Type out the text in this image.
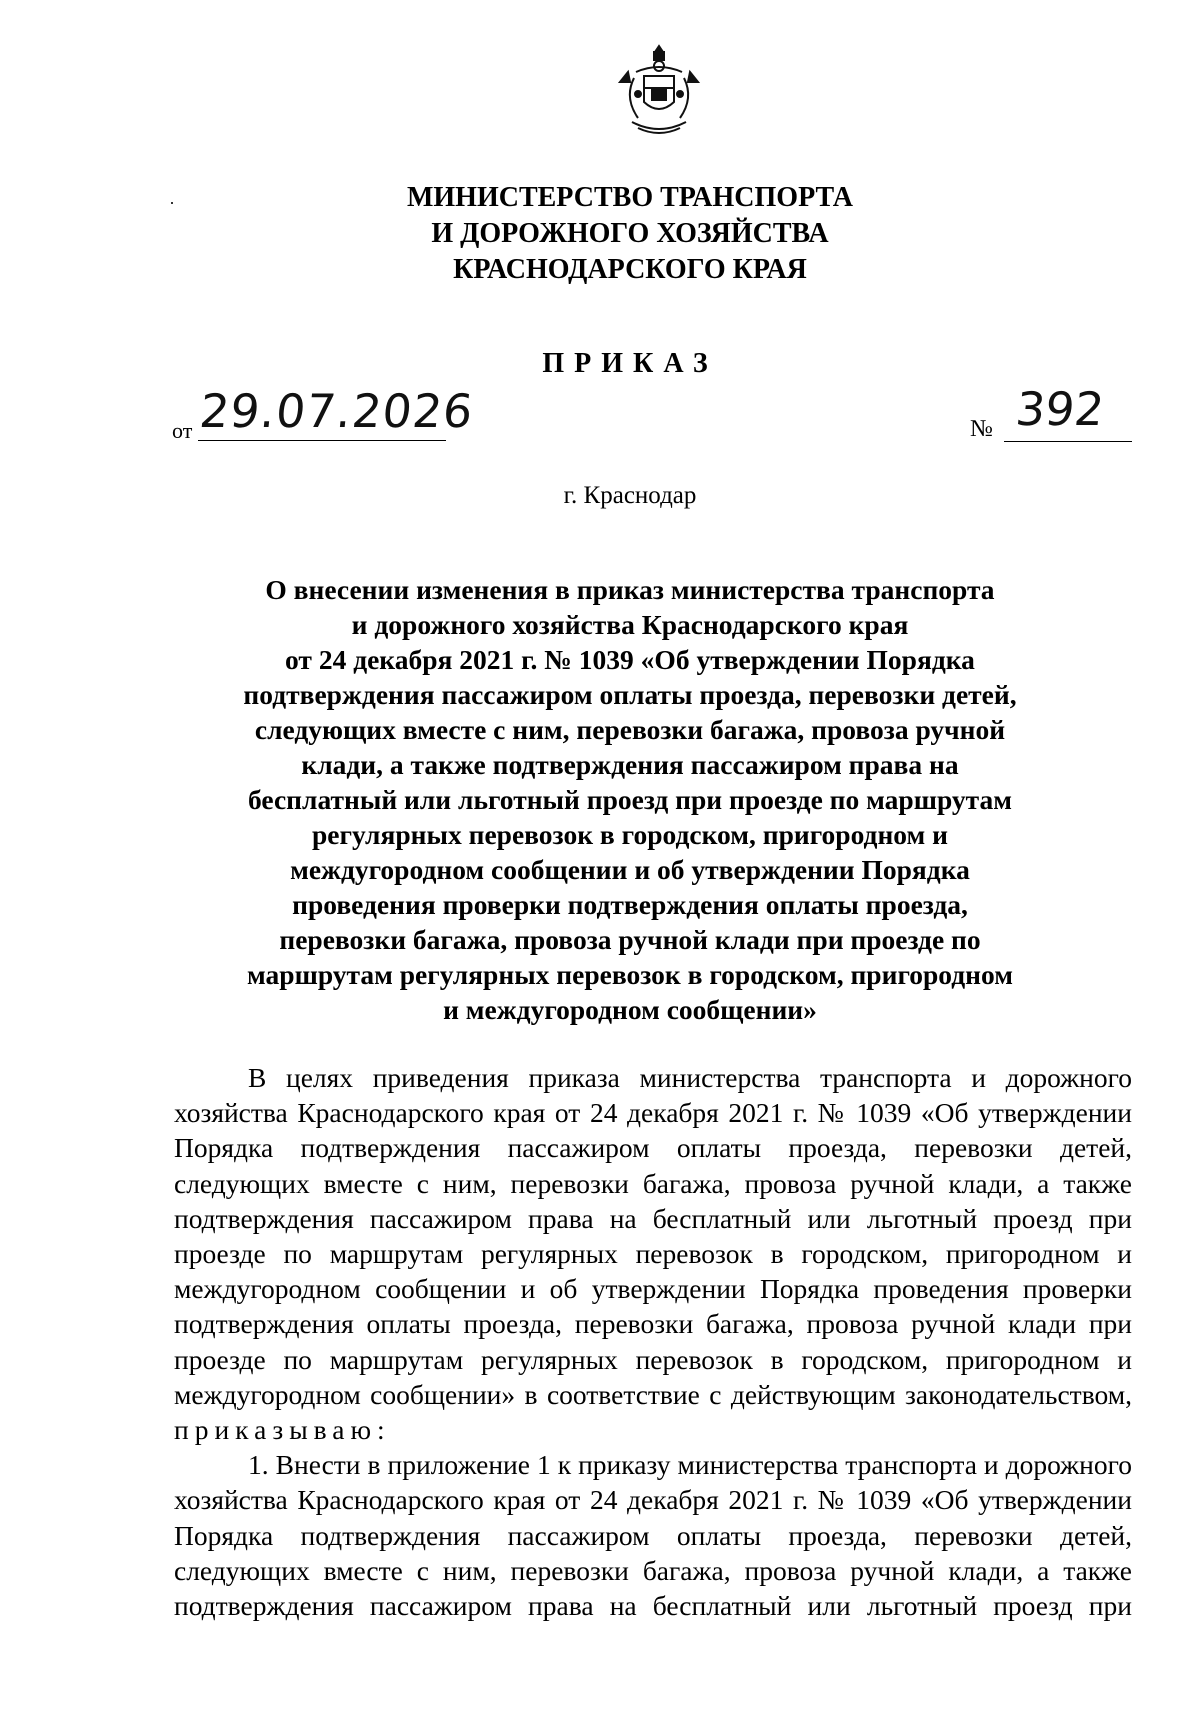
МИНИСТЕРСТВО ТРАНСПОРТА
И ДОРОЖНОГО ХОЗЯЙСТВА
КРАСНОДАРСКОГО КРАЯ
ПРИКАЗ
от 29.07.2026	№ 392
г. Краснодар
О внесении изменения в приказ министерства транспорта
и дорожного хозяйства Краснодарского края
от 24 декабря 2021 г. № 1039 «Об утверждении Порядка
подтверждения пассажиром оплаты проезда, перевозки детей,
следующих вместе с ним, перевозки багажа, провоза ручной
клади, а также подтверждения пассажиром права на
бесплатный или льготный проезд при проезде по маршрутам
регулярных перевозок в городском, пригородном и
междугородном сообщении и об утверждении Порядка
проведения проверки подтверждения оплаты проезда,
перевозки багажа, провоза ручной клади при проезде по
маршрутам регулярных перевозок в городском, пригородном
и междугородном сообщении»
В целях приведения приказа министерства транспорта и дорожного
хозяйства Краснодарского края от 24 декабря 2021 г. № 1039 «Об утверждении
Порядка подтверждения пассажиром оплаты проезда, перевозки детей,
следующих вместе с ним, перевозки багажа, провоза ручной клади, а также
подтверждения пассажиром права на бесплатный или льготный проезд при
проезде по маршрутам регулярных перевозок в городском, пригородном и
междугородном сообщении и об утверждении Порядка проведения проверки
подтверждения оплаты проезда, перевозки багажа, провоза ручной клади при
проезде по маршрутам регулярных перевозок в городском, пригородном и
междугородном сообщении» в соответствие с действующим законодательством,
приказываю:
1. Внести в приложение 1 к приказу министерства транспорта и дорожного
хозяйства Краснодарского края от 24 декабря 2021 г. № 1039 «Об утверждении
Порядка подтверждения пассажиром оплаты проезда, перевозки детей,
следующих вместе с ним, перевозки багажа, провоза ручной клади, а также
подтверждения пассажиром права на бесплатный или льготный проезд при
